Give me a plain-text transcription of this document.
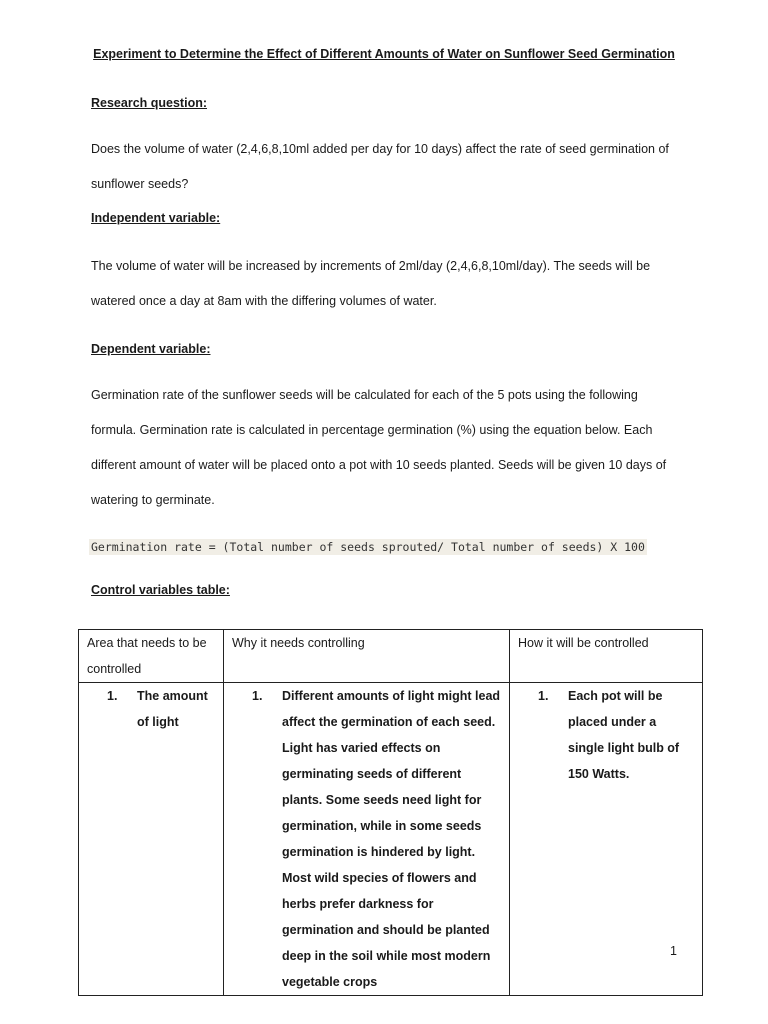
Experiment to Determine the Effect of Different Amounts of Water on Sunflower Seed Germination
Research question:

Does the volume of water (2,4,6,8,10ml added per day for 10 days) affect the rate of seed germination of sunflower seeds?

Independent variable:

The volume of water will be increased by increments of 2ml/day (2,4,6,8,10ml/day). The seeds will be watered once a day at 8am with the differing volumes of water.

Dependent variable:

Germination rate of the sunflower seeds will be calculated for each of the 5 pots using the following formula. Germination rate is calculated in percentage germination (%) using the equation below. Each different amount of water will be placed onto a pot with 10 seeds planted. Seeds will be given 10 days of watering to germinate.

Germination rate = (Total number of seeds sprouted/ Total number of seeds) X 100
Control variables table:
Area that needs to be controlled	Why it needs controlling	How it will be controlled

1. The amount of light	1. Different amounts of light might lead affect the germination of each seed. Light has varied effects on germinating seeds of different plants. Some seeds need light for germination, while in some seeds germination is hindered by light. Most wild species of flowers and herbs prefer darkness for germination and should be planted deep in the soil while most modern vegetable crops	1. Each pot will be placed under a single light bulb of 150 Watts.
1
